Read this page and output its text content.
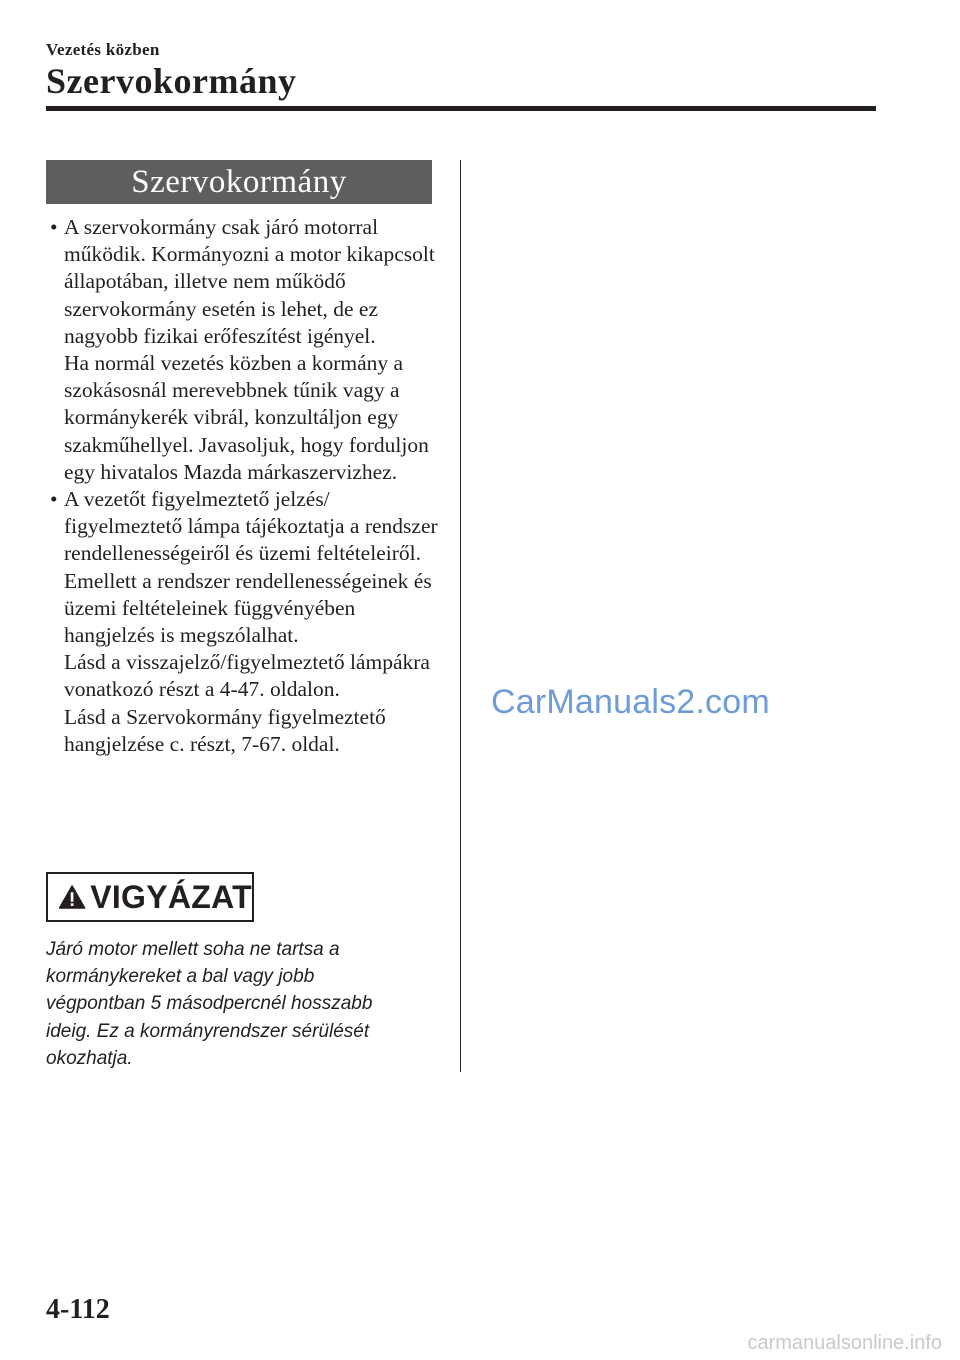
Vezetés közben
Szervokormány
Szervokormány
• A szervokormány csak járó motorral működik. Kormányozni a motor kikapcsolt állapotában, illetve nem működő szervokormány esetén is lehet, de ez nagyobb fizikai erőfeszítést igényel.
Ha normál vezetés közben a kormány a szokásosnál merevebbnek tűnik vagy a kormánykerék vibrál, konzultáljon egy szakműhellyel. Javasoljuk, hogy forduljon egy hivatalos Mazda márkaszervizhez.
• A vezetőt figyelmeztető jelzés/ figyelmeztető lámpa tájékoztatja a rendszer rendellenességeiről és üzemi feltételeiről.
Emellett a rendszer rendellenességeinek és üzemi feltételeinek függvényében hangjelzés is megszólalhat.
Lásd a visszajelző/figyelmeztető lámpákra vonatkozó részt a 4-47. oldalon.
Lásd a Szervokormány figyelmeztető hangjelzése c. részt, 7-67. oldal.
VIGYÁZAT
Járó motor mellett soha ne tartsa a kormánykereket a bal vagy jobb végpontban 5 másodpercnél hosszabb ideig. Ez a kormányrendszer sérülését okozhatja.
CarManuals2.com
4-112
carmanualsonline.info
